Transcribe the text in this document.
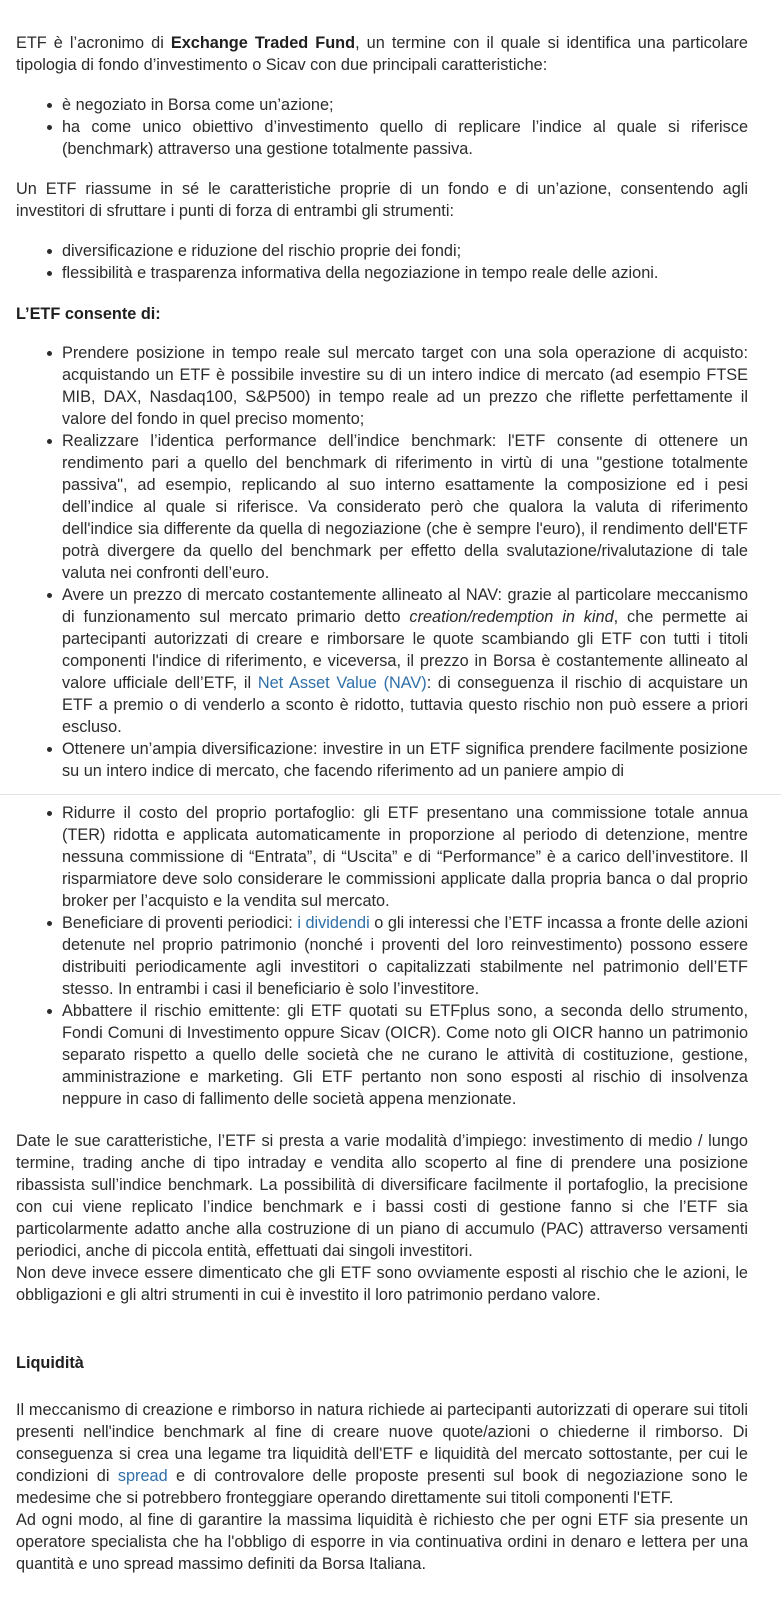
ETF è l’acronimo di Exchange Traded Fund, un termine con il quale si identifica una particolare tipologia di fondo d’investimento o Sicav con due principali caratteristiche:

è negoziato in Borsa come un’azione;
ha come unico obiettivo d’investimento quello di replicare l’indice al quale si riferisce (benchmark) attraverso una gestione totalmente passiva.

Un ETF riassume in sé le caratteristiche proprie di un fondo e di un’azione, consentendo agli investitori di sfruttare i punti di forza di entrambi gli strumenti:

diversificazione e riduzione del rischio proprie dei fondi;
flessibilità e trasparenza informativa della negoziazione in tempo reale delle azioni.
L’ETF consente di:
Prendere posizione in tempo reale sul mercato target con una sola operazione di acquisto: acquistando un ETF è possibile investire su di un intero indice di mercato (ad esempio FTSE MIB, DAX, Nasdaq100, S&P500) in tempo reale ad un prezzo che riflette perfettamente il valore del fondo in quel preciso momento;
Realizzare l’identica performance dell’indice benchmark: l'ETF consente di ottenere un rendimento pari a quello del benchmark di riferimento in virtù di una "gestione totalmente passiva", ad esempio, replicando al suo interno esattamente la composizione ed i pesi dell’indice al quale si riferisce. Va considerato però che qualora la valuta di riferimento dell'indice sia differente da quella di negoziazione (che è sempre l'euro), il rendimento dell'ETF potrà divergere da quello del benchmark per effetto della svalutazione/rivalutazione di tale valuta nei confronti dell’euro.
Avere un prezzo di mercato costantemente allineato al NAV: grazie al particolare meccanismo di funzionamento sul mercato primario detto creation/redemption in kind, che permette ai partecipanti autorizzati di creare e rimborsare le quote scambiando gli ETF con tutti i titoli componenti l'indice di riferimento, e viceversa, il prezzo in Borsa è costantemente allineato al valore ufficiale dell’ETF, il Net Asset Value (NAV): di conseguenza il rischio di acquistare un ETF a premio o di venderlo a sconto è ridotto, tuttavia questo rischio non può essere a priori escluso.
Ottenere un’ampia diversificazione: investire in un ETF significa prendere facilmente posizione su un intero indice di mercato, che facendo riferimento ad un paniere ampio di
Ridurre il costo del proprio portafoglio: gli ETF presentano una commissione totale annua (TER) ridotta e applicata automaticamente in proporzione al periodo di detenzione, mentre nessuna commissione di “Entrata”, di “Uscita” e di “Performance” è a carico dell’investitore. Il risparmiatore deve solo considerare le commissioni applicate dalla propria banca o dal proprio broker per l’acquisto e la vendita sul mercato.
Beneficiare di proventi periodici: i dividendi o gli interessi che l’ETF incassa a fronte delle azioni detenute nel proprio patrimonio (nonché i proventi del loro reinvestimento) possono essere distribuiti periodicamente agli investitori o capitalizzati stabilmente nel patrimonio dell’ETF stesso. In entrambi i casi il beneficiario è solo l’investitore.
Abbattere il rischio emittente: gli ETF quotati su ETFplus sono, a seconda dello strumento, Fondi Comuni di Investimento oppure Sicav (OICR). Come noto gli OICR hanno un patrimonio separato rispetto a quello delle società che ne curano le attività di costituzione, gestione, amministrazione e marketing. Gli ETF pertanto non sono esposti al rischio di insolvenza neppure in caso di fallimento delle società appena menzionate.

Date le sue caratteristiche, l’ETF si presta a varie modalità d’impiego: investimento di medio / lungo termine, trading anche di tipo intraday e vendita allo scoperto al fine di prendere una posizione ribassista sull’indice benchmark. La possibilità di diversificare facilmente il portafoglio, la precisione con cui viene replicato l’indice benchmark e i bassi costi di gestione fanno si che l’ETF sia particolarmente adatto anche alla costruzione di un piano di accumulo (PAC) attraverso versamenti periodici, anche di piccola entità, effettuati dai singoli investitori.

Non deve invece essere dimenticato che gli ETF sono ovviamente esposti al rischio che le azioni, le obbligazioni e gli altri strumenti in cui è investito il loro patrimonio perdano valore.

Liquidità

Il meccanismo di creazione e rimborso in natura richiede ai partecipanti autorizzati di operare sui titoli presenti nell'indice benchmark al fine di creare nuove quote/azioni o chiederne il rimborso. Di conseguenza si crea una legame tra liquidità dell'ETF e liquidità del mercato sottostante, per cui le condizioni di spread e di controvalore delle proposte presenti sul book di negoziazione sono le medesime che si potrebbero fronteggiare operando direttamente sui titoli componenti l'ETF.

Ad ogni modo, al fine di garantire la massima liquidità è richiesto che per ogni ETF sia presente un operatore specialista che ha l'obbligo di esporre in via continuativa ordini in denaro e lettera per una quantità e uno spread massimo definiti da Borsa Italiana.
